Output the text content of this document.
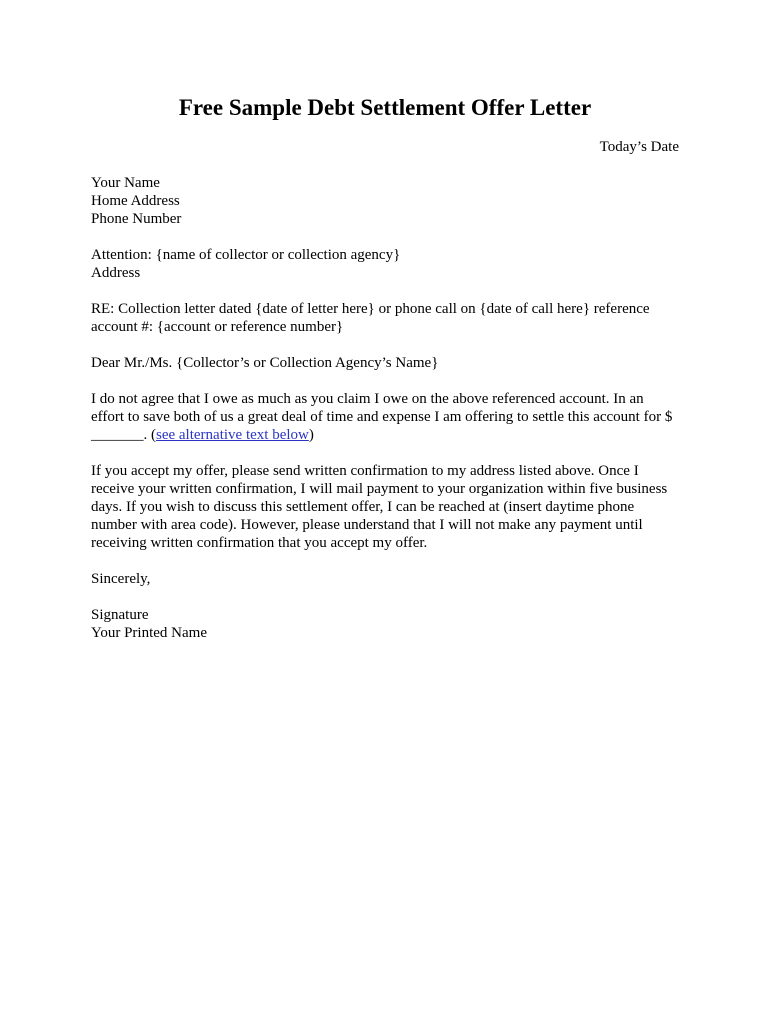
Free Sample Debt Settlement Offer Letter
Today’s Date
Your Name
Home Address
Phone Number
Attention: {name of collector or collection agency}
Address
RE: Collection letter dated {date of letter here} or phone call on {date of call here} reference
account #: {account or reference number}
Dear Mr./Ms. {Collector’s or Collection Agency’s Name}
I do not agree that I owe as much as you claim I owe on the above referenced account. In an
effort to save both of us a great deal of time and expense I am offering to settle this account for $
_______. (see alternative text below)
If you accept my offer, please send written confirmation to my address listed above. Once I
receive your written confirmation, I will mail payment to your organization within five business
days. If you wish to discuss this settlement offer, I can be reached at (insert daytime phone
number with area code). However, please understand that I will not make any payment until
receiving written confirmation that you accept my offer.
Sincerely,
Signature
Your Printed Name
